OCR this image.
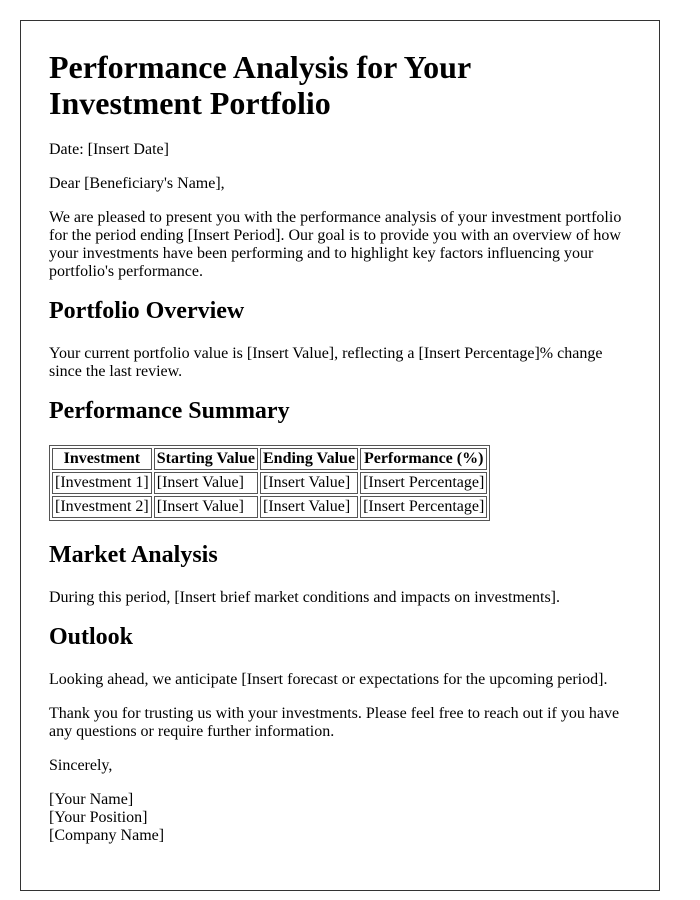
Performance Analysis for Your Investment Portfolio

Date: [Insert Date]

Dear [Beneficiary's Name],

We are pleased to present you with the performance analysis of your investment portfolio for the period ending [Insert Period]. Our goal is to provide you with an overview of how your investments have been performing and to highlight key factors influencing your portfolio's performance.

Portfolio Overview

Your current portfolio value is [Insert Value], reflecting a [Insert Percentage]% change since the last review.

Performance Summary
Investment	Starting Value	Ending Value	Performance (%)
[Investment 1]	[Insert Value]	[Insert Value]	[Insert Percentage]
[Investment 2]	[Insert Value]	[Insert Value]	[Insert Percentage]
Market Analysis

During this period, [Insert brief market conditions and impacts on investments].

Outlook

Looking ahead, we anticipate [Insert forecast or expectations for the upcoming period].

Thank you for trusting us with your investments. Please feel free to reach out if you have any questions or require further information.

Sincerely,

[Your Name]
[Your Position]
[Company Name]
